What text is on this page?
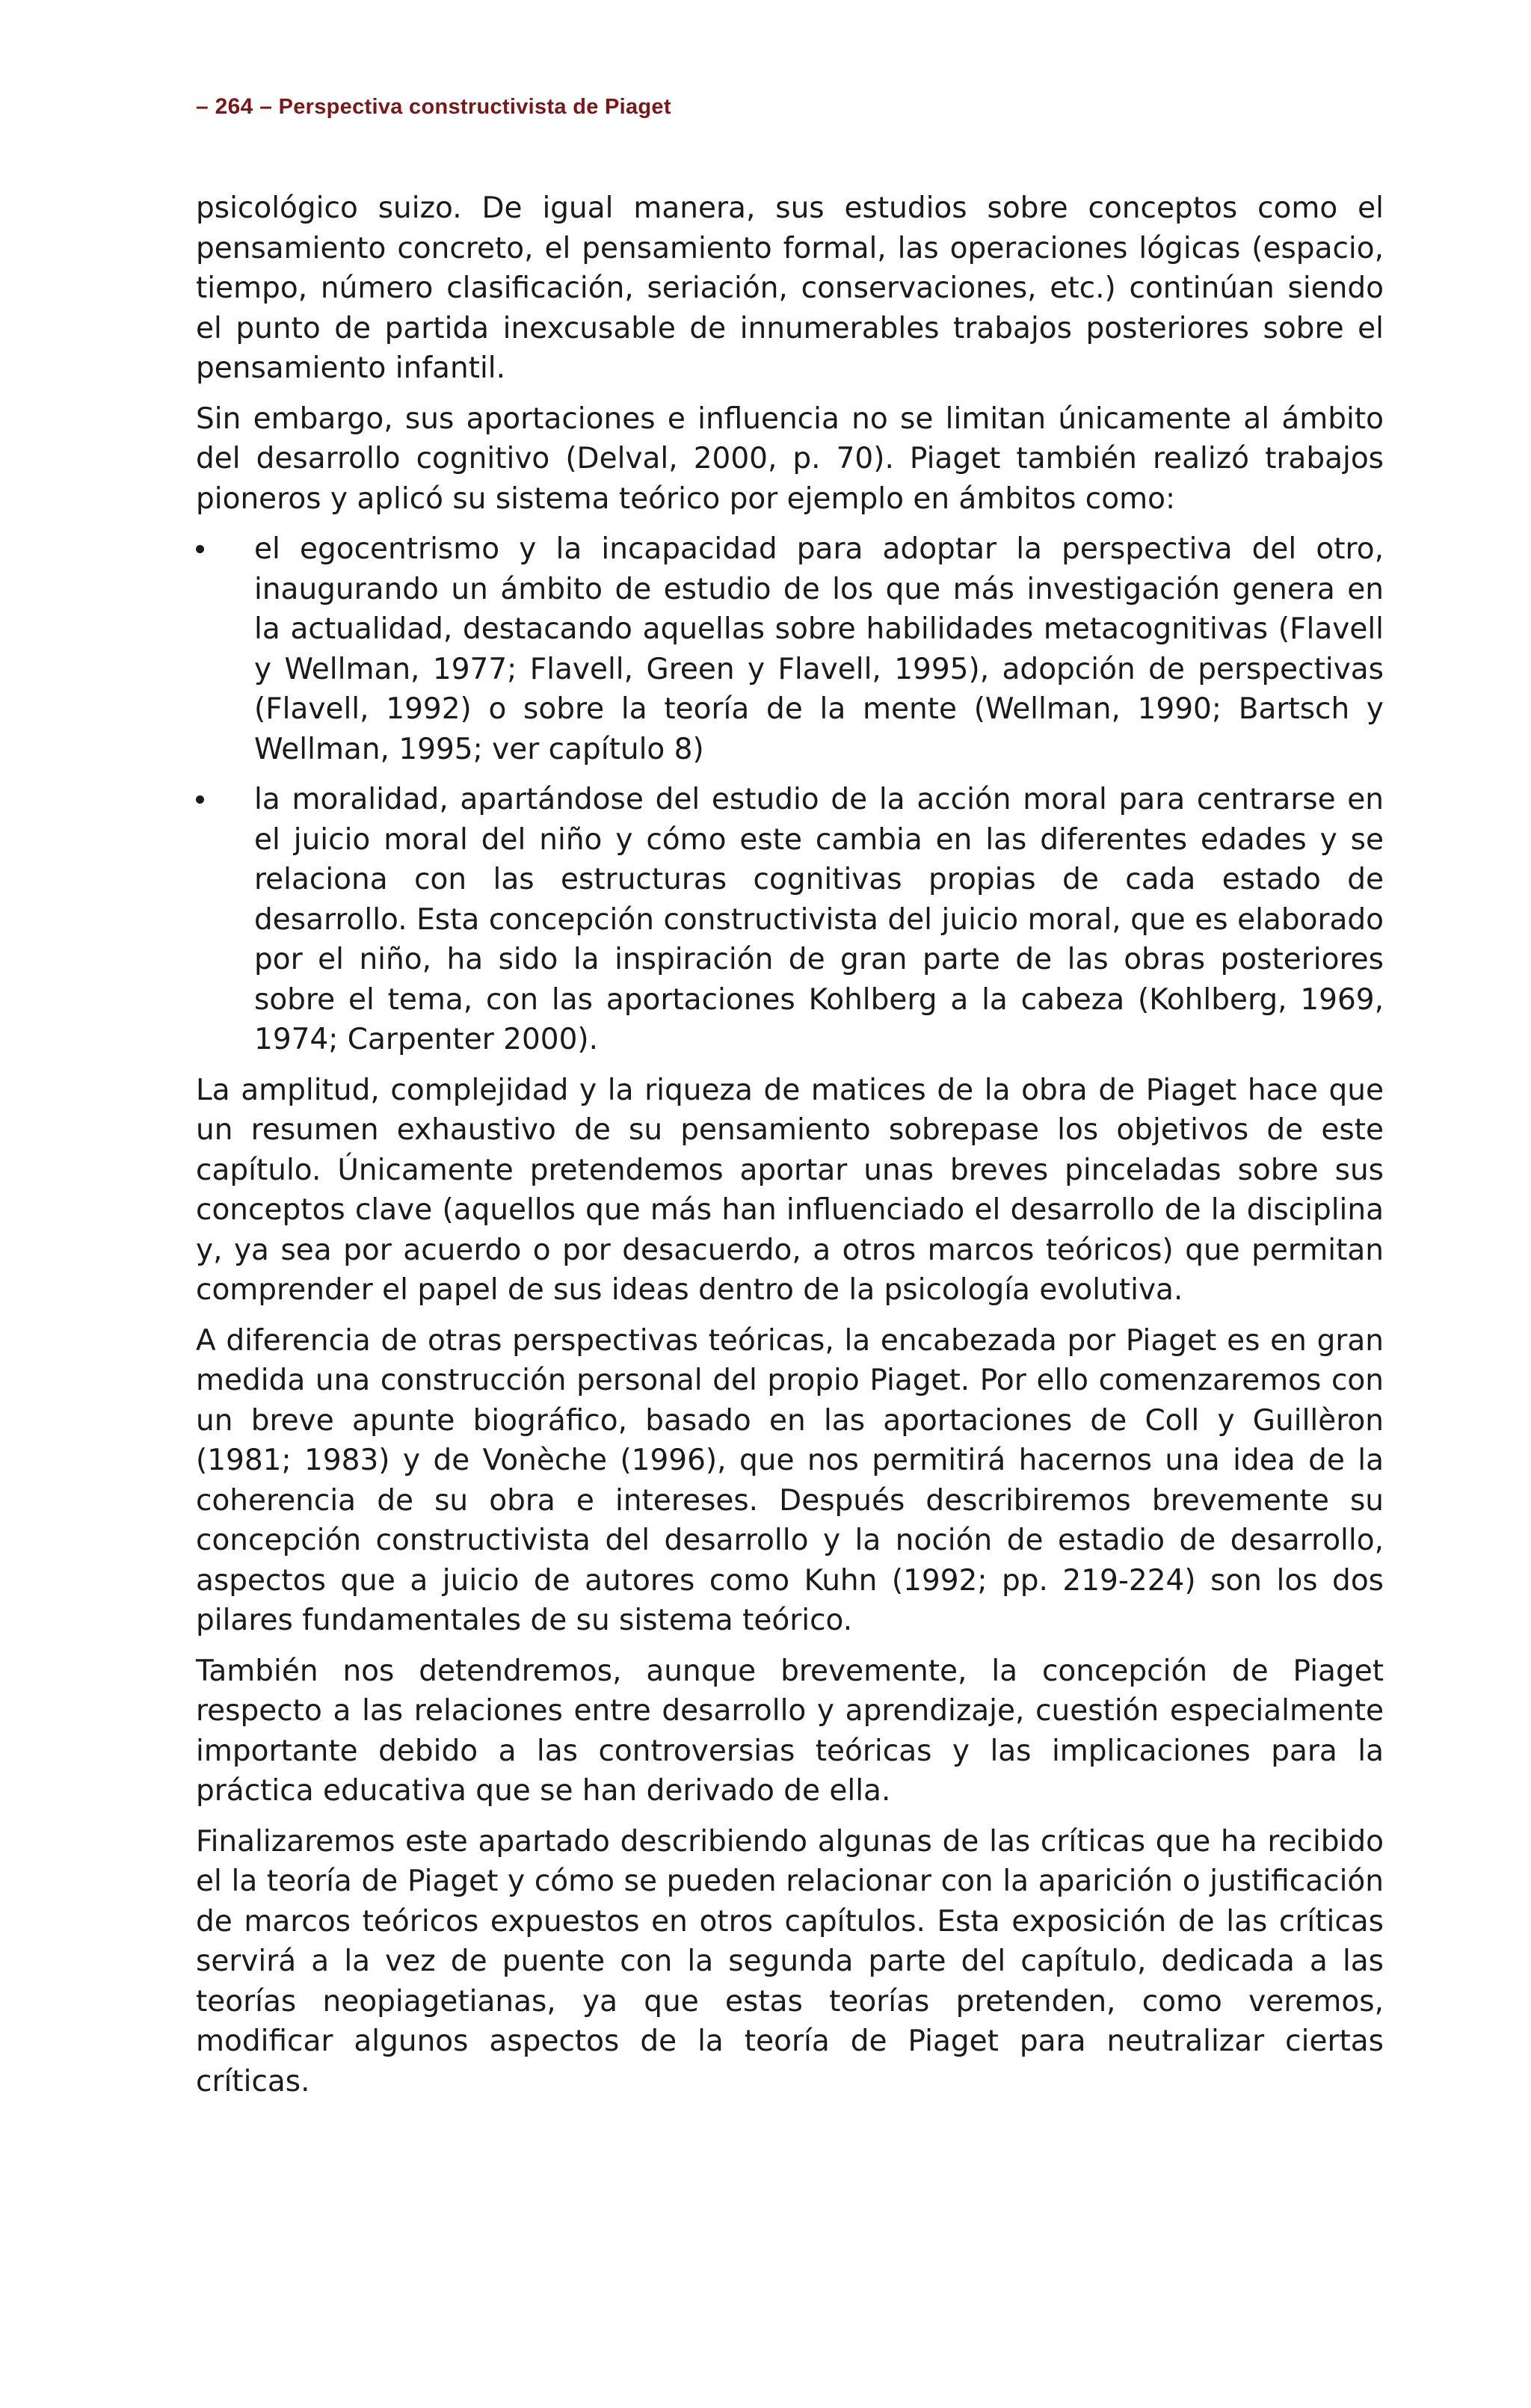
– 264 – Perspectiva constructivista de Piaget

psicológico suizo. De igual manera, sus estudios sobre conceptos como el pensamiento concreto, el pensamiento formal, las operaciones lógicas (espacio, tiempo, número clasificación, seriación, conservaciones, etc.) continúan siendo el punto de partida inexcusable de innumerables trabajos posteriores sobre el pensamiento infantil.

Sin embargo, sus aportaciones e influencia no se limitan únicamente al ámbito del desarrollo cognitivo (Delval, 2000, p. 70). Piaget también realizó trabajos pioneros y aplicó su sistema teórico por ejemplo en ámbitos como:

el egocentrismo y la incapacidad para adoptar la perspectiva del otro, inaugurando un ámbito de estudio de los que más investigación genera en la actualidad, destacando aquellas sobre habilidades metacognitivas (Flavell y Wellman, 1977; Flavell, Green y Flavell, 1995), adopción de perspectivas (Flavell, 1992) o sobre la teoría de la mente (Wellman, 1990; Bartsch y Wellman, 1995; ver capítulo 8)
la moralidad, apartándose del estudio de la acción moral para centrarse en el juicio moral del niño y cómo este cambia en las diferentes edades y se relaciona con las estructuras cognitivas propias de cada estado de desarrollo. Esta concepción constructivista del juicio moral, que es elaborado por el niño, ha sido la inspiración de gran parte de las obras posteriores sobre el tema, con las aportaciones Kohlberg a la cabeza (Kohlberg, 1969, 1974; Carpenter 2000).

La amplitud, complejidad y la riqueza de matices de la obra de Piaget hace que un resumen exhaustivo de su pensamiento sobrepase los objetivos de este capítulo. Únicamente pretendemos aportar unas breves pinceladas sobre sus conceptos clave (aquellos que más han influenciado el desarrollo de la disciplina y, ya sea por acuerdo o por desacuerdo, a otros marcos teóricos) que permitan comprender el papel de sus ideas dentro de la psicología evolutiva.

A diferencia de otras perspectivas teóricas, la encabezada por Piaget es en gran medida una construcción personal del propio Piaget. Por ello comenzaremos con un breve apunte biográfico, basado en las aportaciones de Coll y Guillèron (1981; 1983) y de Vonèche (1996), que nos permitirá hacernos una idea de la coherencia de su obra e intereses. Después describiremos brevemente su concepción constructivista del desarrollo y la noción de estadio de desarrollo, aspectos que a juicio de autores como Kuhn (1992; pp. 219-224) son los dos pilares fundamentales de su sistema teórico.

También nos detendremos, aunque brevemente, la concepción de Piaget respecto a las relaciones entre desarrollo y aprendizaje, cuestión especialmente importante debido a las controversias teóricas y las implicaciones para la práctica educativa que se han derivado de ella.

Finalizaremos este apartado describiendo algunas de las críticas que ha recibido el la teoría de Piaget y cómo se pueden relacionar con la aparición o justificación de marcos teóricos expuestos en otros capítulos. Esta exposición de las críticas servirá a la vez de puente con la segunda parte del capítulo, dedicada a las teorías neopiagetianas, ya que estas teorías pretenden, como veremos, modificar algunos aspectos de la teoría de Piaget para neutralizar ciertas críticas.
